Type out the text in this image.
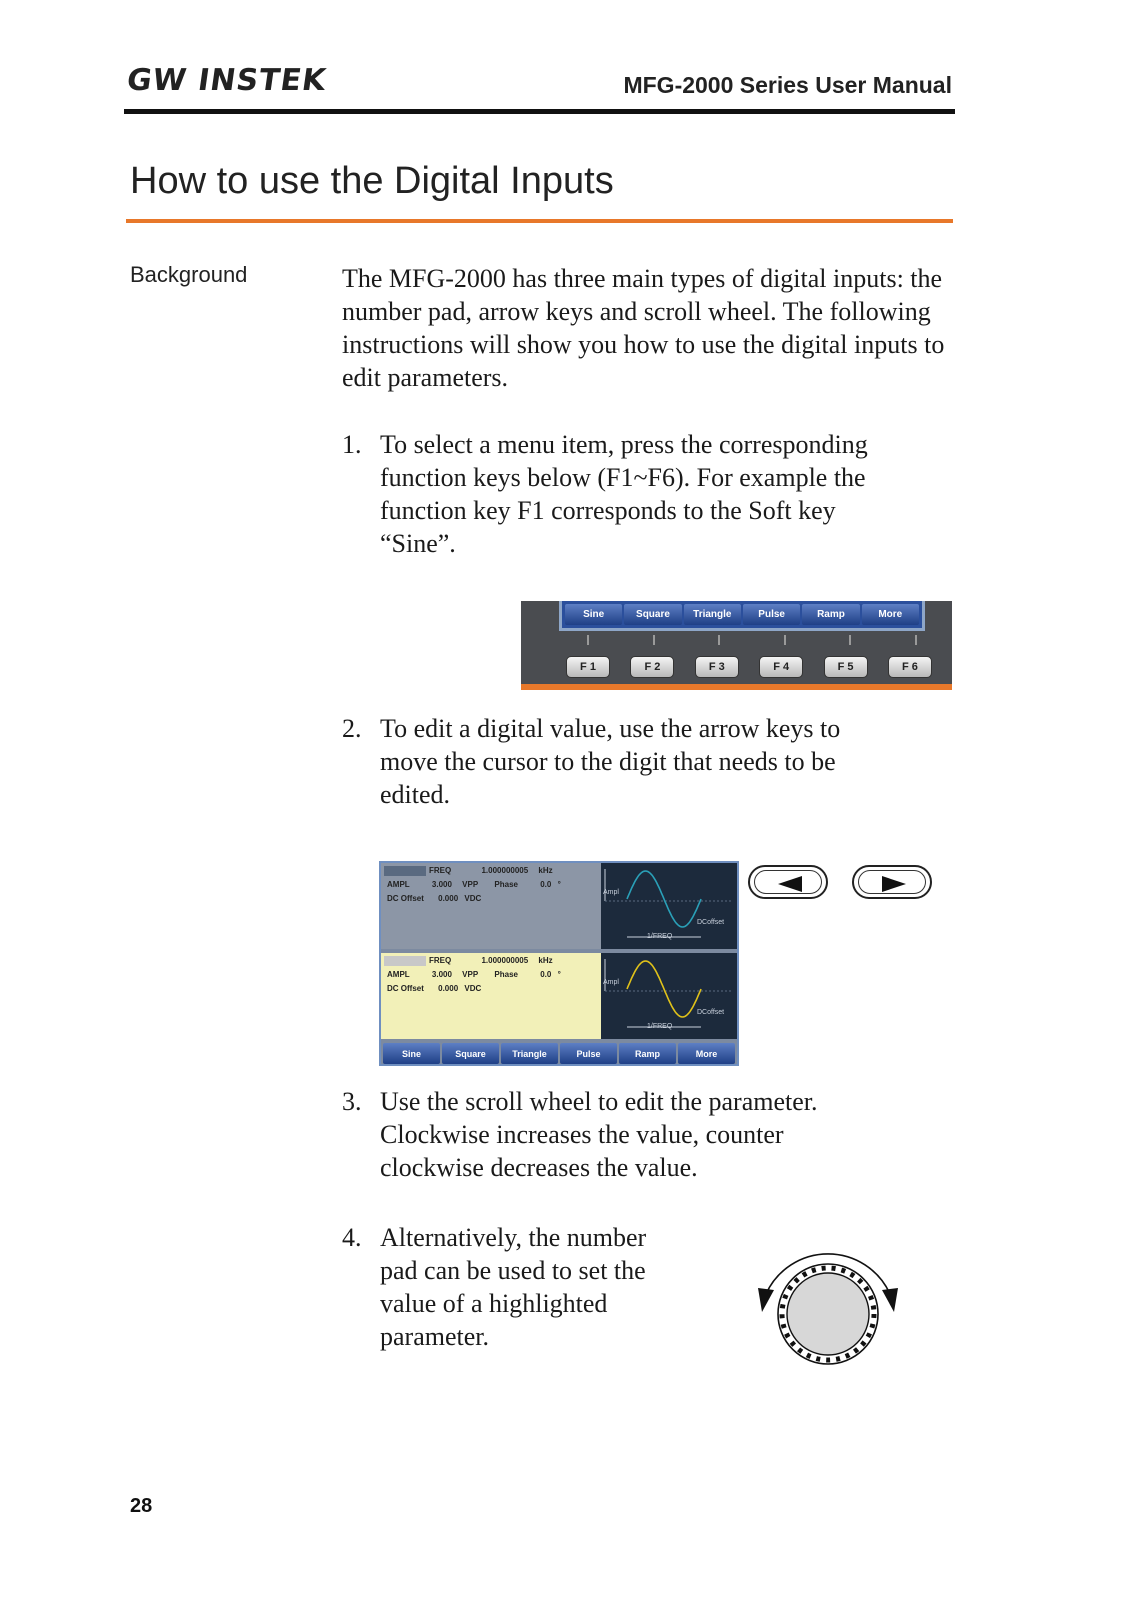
GW INSTEK	MFG-2000 Series User Manual
How to use the Digital Inputs
Background	The MFG-2000 has three main types of digital inputs: the number pad, arrow keys and scroll wheel. The following instructions will show you how to use the digital inputs to edit parameters.
1. To select a menu item, press the corresponding
function keys below (F1~F6). For example the
function key F1 corresponds to the Soft key
“Sine”.
Sine	Square	Triangle	Pulse	Ramp	More
F 1	F 2	F 3	F 4	F 5	F 6
2. To edit a digital value, use the arrow keys to
move the cursor to the digit that needs to be
edited.
FREQ	1.000000005 kHz
AMPL	3.000 VPP Phase	0.0 °
DC Offset 0.000 VDC
Ampl
DCoffset
1/FREQ
FREQ	1.000000005 kHz
AMPL	3.000 VPP Phase	0.0 °
DC Offset 0.000 VDC
Ampl
DCoffset
1/FREQ
Sine	Square	Triangle	Pulse	Ramp	More
3. Use the scroll wheel to edit the parameter.
Clockwise increases the value, counter
clockwise decreases the value.
4. Alternatively, the number
pad can be used to set the
value of a highlighted
parameter.
28
